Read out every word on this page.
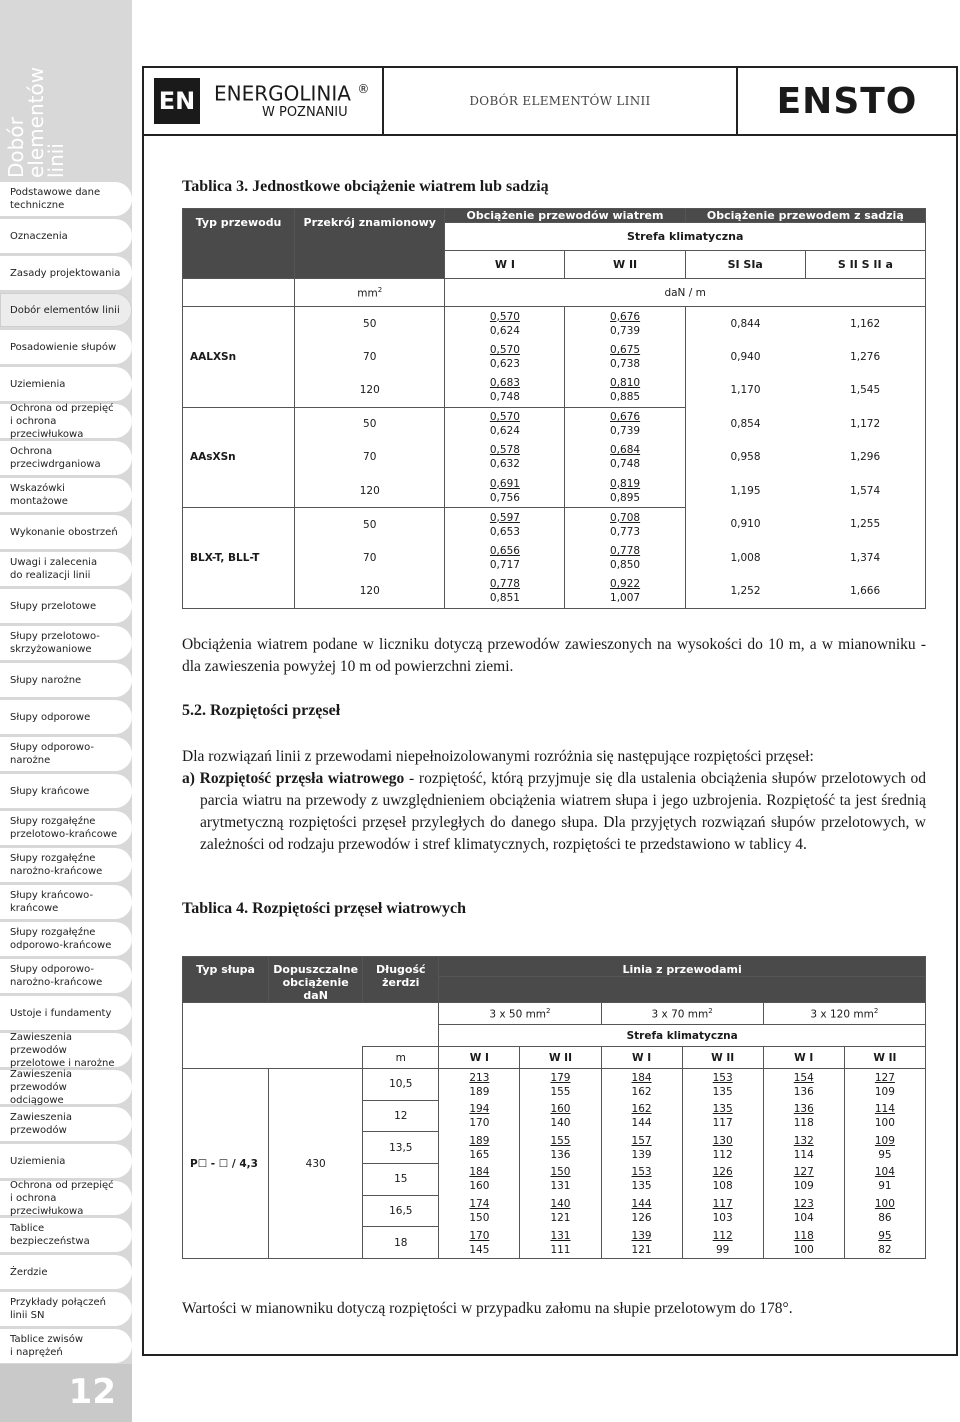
Dobór
elementów
linii
Podstawowe dane
techniczne
Oznaczenia
Zasady projektowania
Dobór elementów linii
Posadowienie słupów
Uziemienia
Ochrona od przepięć
i ochrona przeciwłukowa
Ochrona
przeciwdrganiowa
Wskazówki montażowe
Wykonanie obostrzeń
Uwagi i zalecenia
do realizacji linii
Słupy przelotowe
Słupy przelotowo-
skrzyżowaniowe
Słupy narożne
Słupy odporowe
Słupy odporowo-narożne
Słupy krańcowe
Słupy rozgałęźne
przelotowo-krańcowe
Słupy rozgałęźne
narożno-krańcowe
Słupy krańcowo-
krańcowe
Słupy rozgałęźne
odporowo-krańcowe
Słupy odporowo-
narożno-krańcowe
Ustoje i fundamenty
Zawieszenia przewodów
przelotowe i narożne
Zawieszenia przewodów
odciągowe
Zawieszenia przewodów
Uziemienia
Ochrona od przepięć
i ochrona przeciwłukowa
Tablice bezpieczeństwa
Żerdzie
Przykłady połączeń
linii SN
Tablice zwisów
i naprężeń
12
EN ENERGOLINIA ®
W POZNANIU
DOBÓR ELEMENTÓW LINII	ENSTO
Tablica 3. Jednostkowe obciążenie wiatrem lub sadzią
Typ przewodu	Przekrój znamionowy	Obciążenie przewodów wiatrem		Obciążenie przewodem z sadzią	
		Strefa klimatyczna			
		W I	W II	SI SIa	S II S II a
	$mm^2$	daN / m			
AALXSn	50	$\frac{0,570}{0,624}$	$\frac{0,676}{0,739}$	0,844	1,162
	70	$\frac{0,570}{0,623}$	$\frac{0,675}{0,738}$	0,940	1,276
	120	$\frac{0,683}{0,748}$	$\frac{0,810}{0,885}$	1,170	1,545
AAsXSn	50	$\frac{0,570}{0,624}$	$\frac{0,676}{0,739}$	0,854	1,172
	70	$\frac{0,578}{0,632}$	$\frac{0,684}{0,748}$	0,958	1,296
	120	$\frac{0,691}{0,756}$	$\frac{0,819}{0,895}$	1,195	1,574
BLX-T, BLL-T	50	$\frac{0,597}{0,653}$	$\frac{0,708}{0,773}$	0,910	1,255
	70	$\frac{0,656}{0,717}$	$\frac{0,778}{0,850}$	1,008	1,374
	120	$\frac{0,778}{0,851}$	$\frac{0,922}{1,007}$	1,252	1,666
Obciążenia wiatrem podane w liczniku dotyczą przewodów zawieszonych na wysokości do 10 m, a w mianowniku - dla zawieszenia powyżej 10 m od powierzchni ziemi.
5.2. Rozpiętości przęseł
Dla rozwiązań linii z przewodami niepełnoizolowanymi rozróżnia się następujące rozpiętości przęseł:
a) Rozpiętość przęsła wiatrowego - rozpiętość, którą przyjmuje się dla ustalenia obciążenia słupów przelotowych od parcia wiatru na przewody z uwzględnieniem obciążenia wiatrem słupa i jego uzbrojenia. Rozpiętość ta jest średnią arytmetyczną rozpiętości przęseł przyległych do danego słupa. Dla przyjętych rozwiązań słupów przelotowych, w zależności od rodzaju przewodów i stref klimatycznych, rozpiętości te przedstawiono w tablicy 4.
Tablica 4. Rozpiętości przęseł wiatrowych
Typ słupa	Dopuszczalne obciążenie daN	Długość żerdzi	Linia z przewodami					

			3 x 50 $mm^2$		3 x 70 $mm^2$		3 x 120 $mm^2$
			Strefa klimatyczna					
		m	W I	W II	W I	W II	W I	W II
P☐ - ☐ / 4,3	430	10,5	$\frac{213}{189}$	$\frac{179}{155}$	$\frac{184}{162}$	$\frac{153}{135}$	$\frac{154}{136}$	$\frac{127}{109}$

		12	$\frac{194}{170}$	$\frac{160}{140}$	$\frac{162}{144}$	$\frac{135}{117}$	$\frac{136}{118}$	$\frac{114}{100}$

		13,5	$\frac{189}{165}$	$\frac{155}{136}$	$\frac{157}{139}$	$\frac{130}{112}$	$\frac{132}{114}$	$\frac{109}{95}$

		15	$\frac{184}{160}$	$\frac{150}{131}$	$\frac{153}{135}$	$\frac{126}{108}$	$\frac{127}{109}$	$\frac{104}{91}$

		16,5	$\frac{174}{150}$	$\frac{140}{121}$	$\frac{144}{126}$	$\frac{117}{103}$	$\frac{123}{104}$	$\frac{100}{86}$

		18	$\frac{170}{145}$	$\frac{131}{111}$	$\frac{139}{121}$	$\frac{112}{99}$	$\frac{118}{100}$	$\frac{95}{82}$
Wartości w mianowniku dotyczą rozpiętości w przypadku załomu na słupie przelotowym do 178°.
